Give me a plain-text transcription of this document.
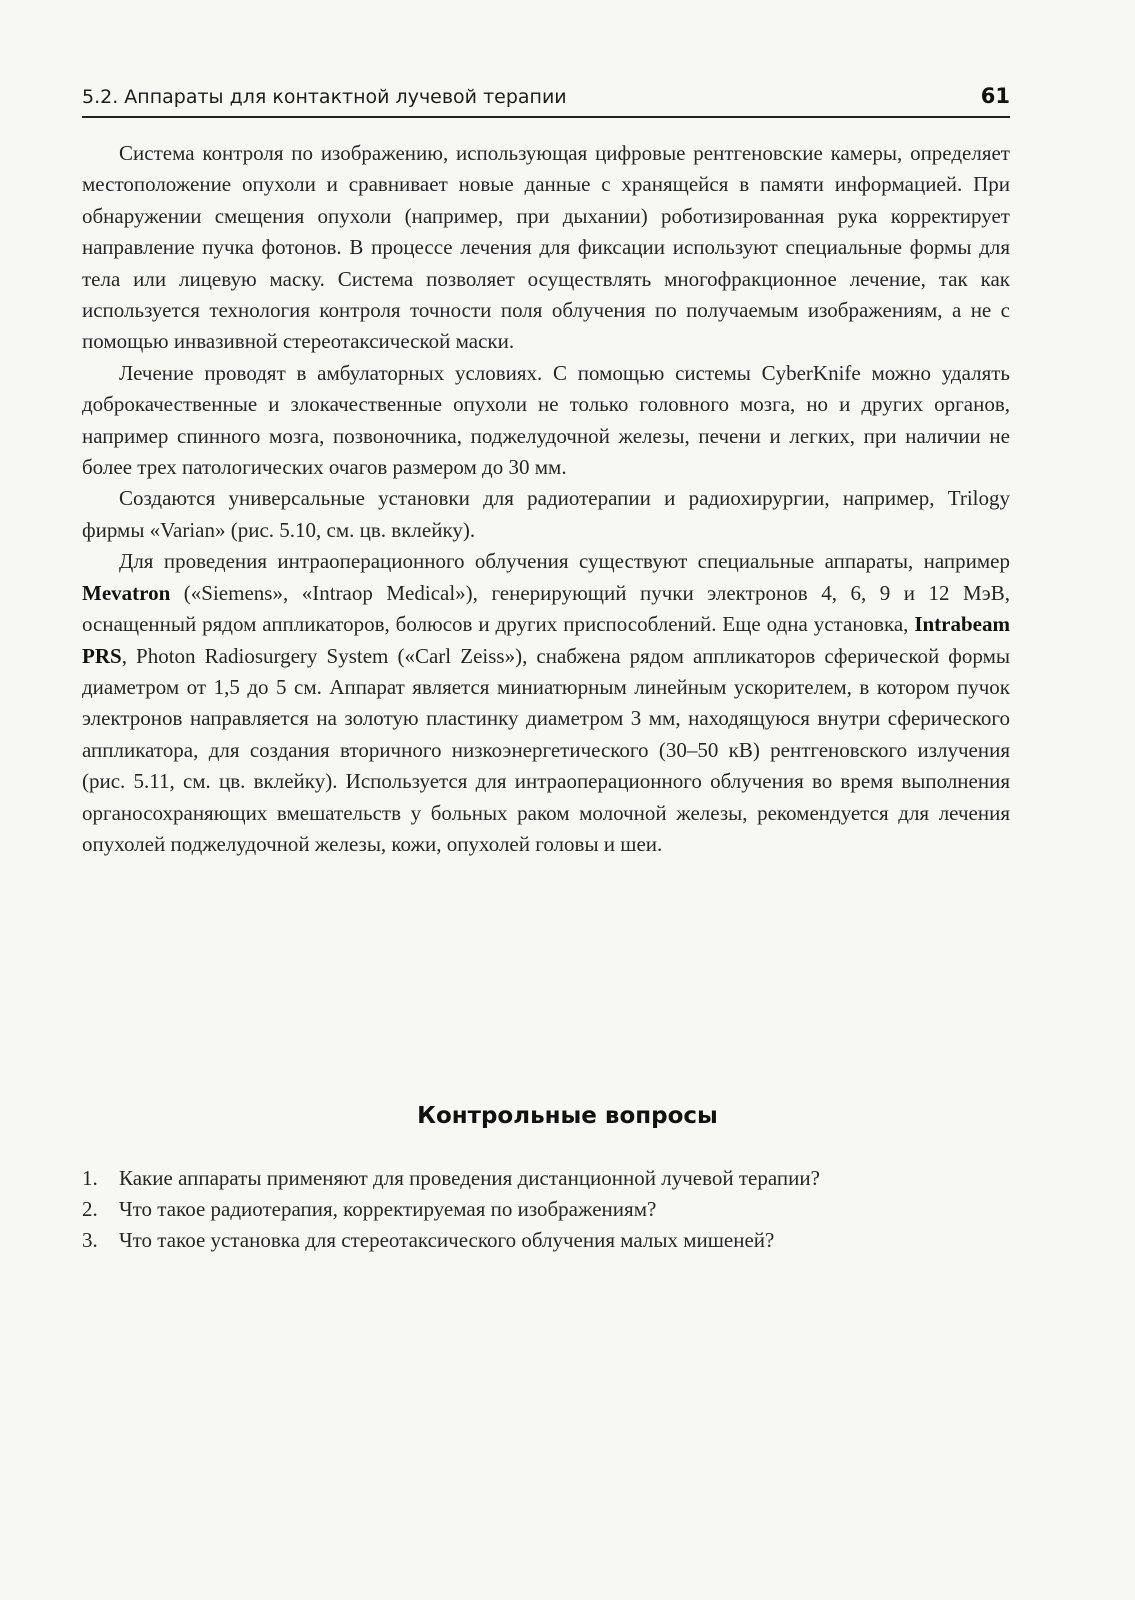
5.2. Аппараты для контактной лучевой терапии	61

Система контроля по изображению, использующая цифровые рентгеновские камеры, определяет местоположение опухоли и сравнивает новые данные с хранящейся в памяти информацией. При обнаружении смещения опухоли (например, при дыхании) роботизированная рука корректирует направление пучка фотонов. В процессе лечения для фиксации используют специальные формы для тела или лицевую маску. Система позволяет осуществлять многофракционное лечение, так как используется технология контроля точности поля облучения по получаемым изображениям, а не с помощью инвазивной стереотаксической маски.

Лечение проводят в амбулаторных условиях. С помощью системы CyberKnife можно удалять доброкачественные и злокачественные опухоли не только головного мозга, но и других органов, например спинного мозга, позвоночника, поджелудочной железы, печени и легких, при наличии не более трех патологических очагов размером до 30 мм.

Создаются универсальные установки для радиотерапии и радиохирургии, например, Trilogy фирмы «Varian» (рис. 5.10, см. цв. вклейку).

Для проведения интраоперационного облучения существуют специальные аппараты, например Mevatron («Siemens», «Intraop Medical»), генерирующий пучки электронов 4, 6, 9 и 12 МэВ, оснащенный рядом аппликаторов, болюсов и других приспособлений. Еще одна установка, Intrabeam PRS, Photon Radiosurgery System («Carl Zeiss»), снабжена рядом аппликаторов сферической формы диаметром от 1,5 до 5 см. Аппарат является миниатюрным линейным ускорителем, в котором пучок электронов направляется на золотую пластинку диаметром 3 мм, находящуюся внутри сферического аппликатора, для создания вторичного низкоэнергетического (30–50 кВ) рентгеновского излучения (рис. 5.11, см. цв. вклейку). Используется для интраоперационного облучения во время выполнения органосохраняющих вмешательств у больных раком молочной железы, рекомендуется для лечения опухолей поджелудочной железы, кожи, опухолей головы и шеи.

Контрольные вопросы
1. Какие аппараты применяют для проведения дистанционной лучевой терапии?
2. Что такое радиотерапия, корректируемая по изображениям?
3. Что такое установка для стереотаксического облучения малых мишеней?
